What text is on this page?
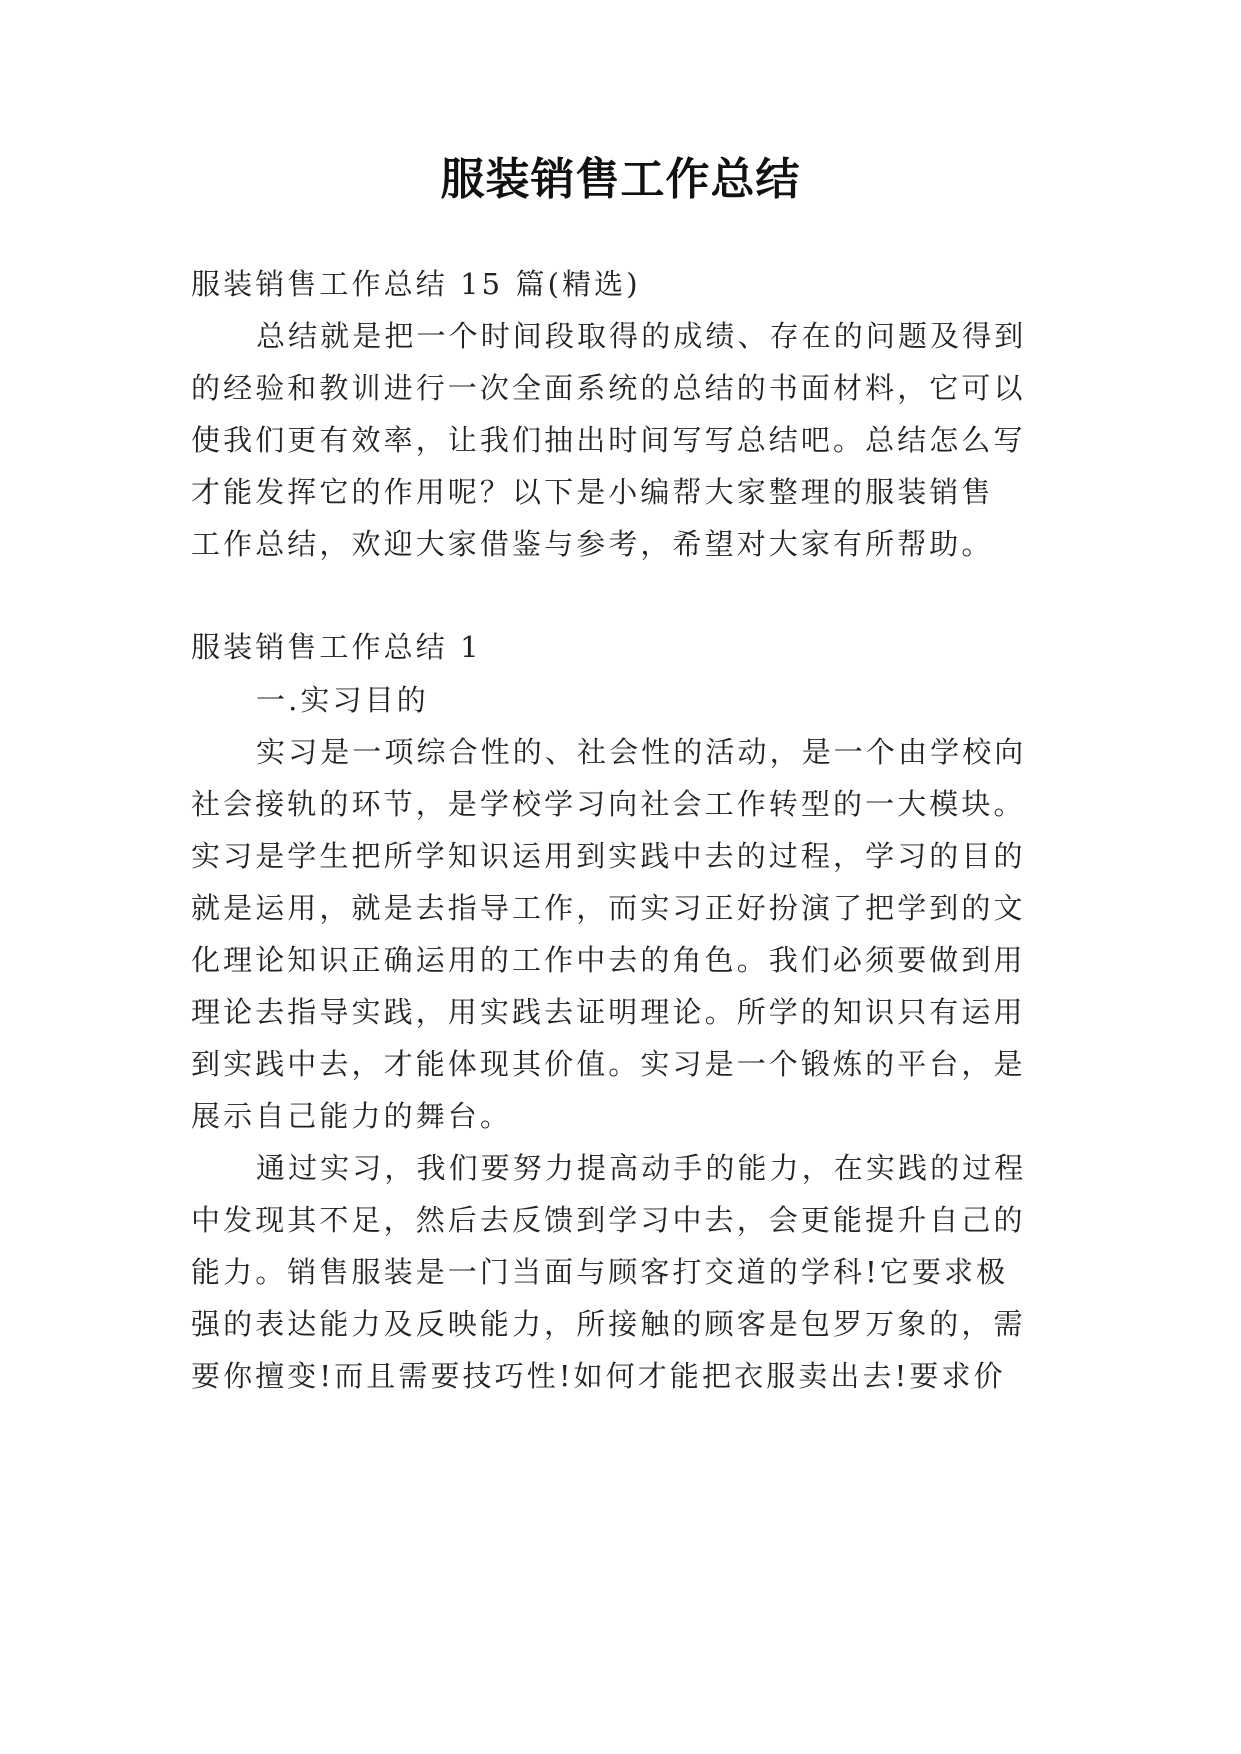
服装销售工作总结
服装销售工作总结 15 篇(精选)
总结就是把一个时间段取得的成绩、存在的问题及得到
的经验和教训进行一次全面系统的总结的书面材料，它可以
使我们更有效率，让我们抽出时间写写总结吧。总结怎么写
才能发挥它的作用呢？以下是小编帮大家整理的服装销售
工作总结，欢迎大家借鉴与参考，希望对大家有所帮助。
服装销售工作总结 1
一.实习目的
实习是一项综合性的、社会性的活动，是一个由学校向
社会接轨的环节，是学校学习向社会工作转型的一大模块。
实习是学生把所学知识运用到实践中去的过程，学习的目的
就是运用，就是去指导工作，而实习正好扮演了把学到的文
化理论知识正确运用的工作中去的角色。我们必须要做到用
理论去指导实践，用实践去证明理论。所学的知识只有运用
到实践中去，才能体现其价值。实习是一个锻炼的平台，是
展示自己能力的舞台。
通过实习，我们要努力提高动手的能力，在实践的过程
中发现其不足，然后去反馈到学习中去，会更能提升自己的
能力。销售服装是一门当面与顾客打交道的学科!它要求极
强的表达能力及反映能力，所接触的顾客是包罗万象的，需
要你擅变!而且需要技巧性!如何才能把衣服卖出去!要求价
